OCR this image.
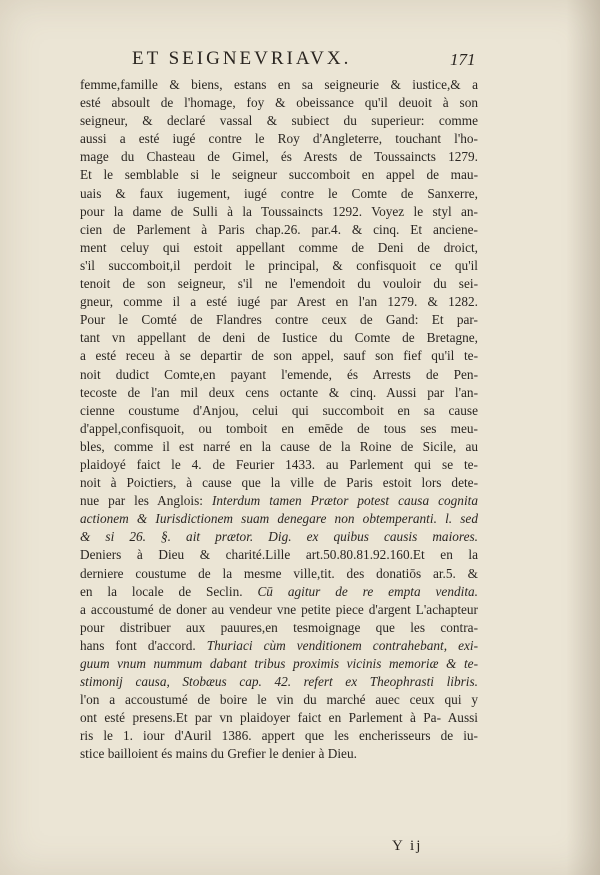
ET SEIGNEVRIAVX.	171
femme,famille & biens, estans en sa seigneurie & iustice,& a
esté absoult de l'homage, foy & obeissance qu'il deuoit à son
seigneur, & declaré vassal & subiect du superieur: comme
aussi a esté iugé contre le Roy d'Angleterre, touchant l'ho-
mage du Chasteau de Gimel, és Arests de Toussaincts 1279.
Et le semblable si le seigneur succomboit en appel de mau-
uais & faux iugement, iugé contre le Comte de Sanxerre,
pour la dame de Sulli à la Toussaincts 1292. Voyez le styl an-
cien de Parlement à Paris chap.26. par.4. & cinq. Et anciene-
ment celuy qui estoit appellant comme de Deni de droict,
s'il succomboit,il perdoit le principal, & confisquoit ce qu'il
tenoit de son seigneur, s'il ne l'emendoit du vouloir du sei-
gneur, comme il a esté iugé par Arest en l'an 1279. & 1282.
Pour le Comté de Flandres contre ceux de Gand: Et par-
tant vn appellant de deni de Iustice du Comte de Bretagne,
a esté receu à se departir de son appel, sauf son fief qu'il te-
noit dudict Comte,en payant l'emende, és Arrests de Pen-
tecoste de l'an mil deux cens octante & cinq. Aussi par l'an-
cienne coustume d'Anjou, celui qui succomboit en sa cause
d'appel,confisquoit, ou tomboit en emēde de tous ses meu-
bles, comme il est narré en la cause de la Roine de Sicile, au
plaidoyé faict le 4. de Feurier 1433. au Parlement qui se te-
noit à Poictiers, à cause que la ville de Paris estoit lors dete-
nue par les Anglois: Interdum tamen Prætor potest causa cognita
actionem & Iurisdictionem suam denegare non obtemperanti. l. sed
& si 26. §. ait prætor. Dig. ex quibus causis maiores.
Deniers à Dieu & charité.Lille art.50.80.81.92.160.Et en la
derniere coustume de la mesme ville,tit. des donatiōs ar.5. &
en la locale de Seclin. Cū agitur de re empta vendita.
a accoustumé de doner au vendeur vne petite piece d'argent L'achapteur
pour distribuer aux pauures,en tesmoignage que les contra-
hans font d'accord. Thuriaci cùm venditionem contrahebant, exi-
guum vnum nummum dabant tribus proximis vicinis memoriæ & te-
stimonij causa, Stobæus cap. 42. refert ex Theophrasti libris.
l'on a accoustumé de boire le vin du marché auec ceux qui y
ont esté presens.Et par vn plaidoyer faict en Parlement à Pa- Aussi
ris le 1. iour d'Auril 1386. appert que les encherisseurs de iu-
stice bailloient és mains du Grefier le denier à Dieu.
Y ij
